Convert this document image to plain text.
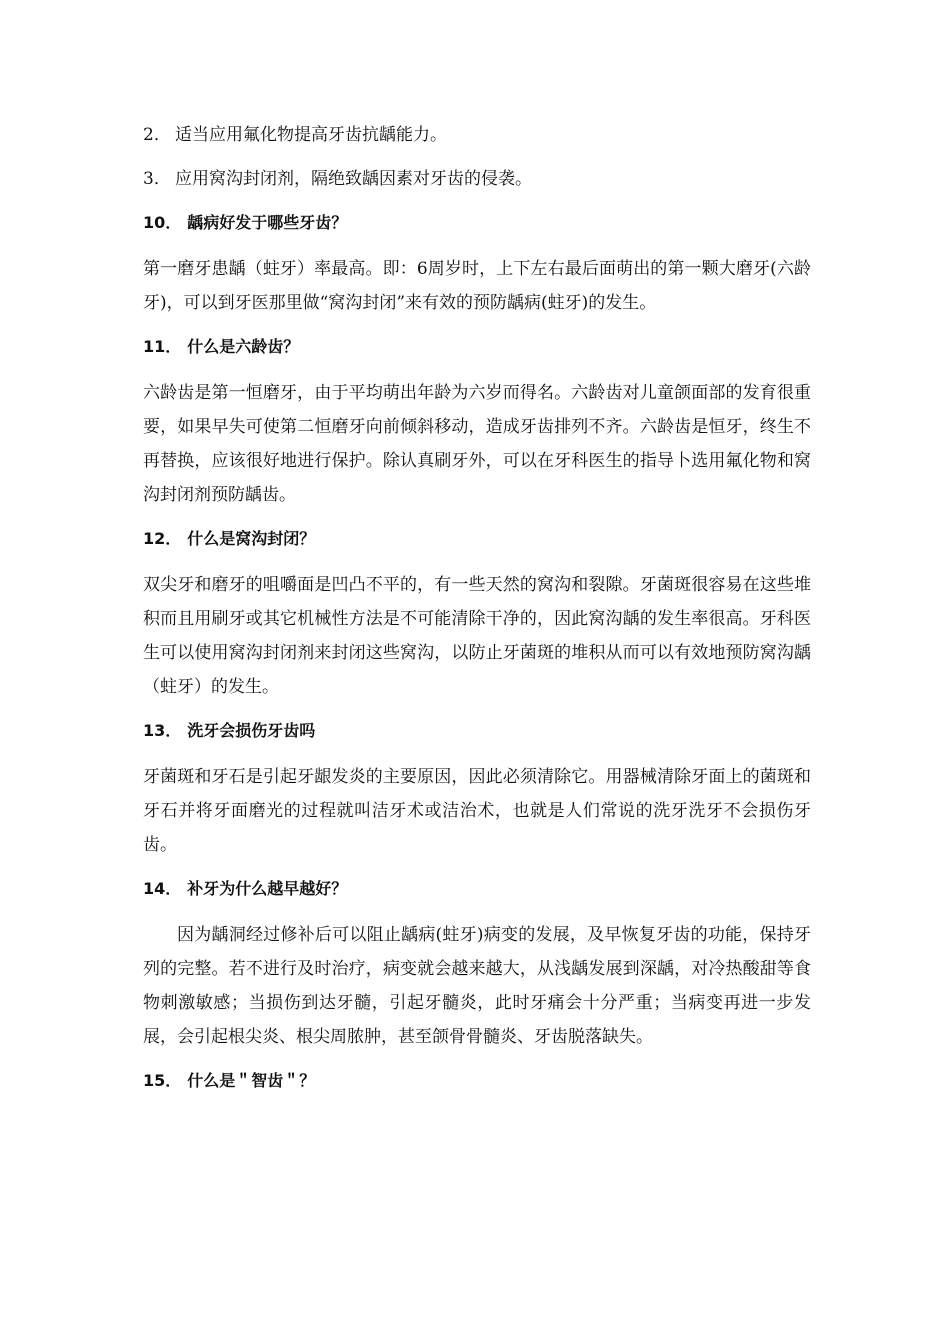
2． 适当应用氟化物提高牙齿抗龋能力。

3． 应用窝沟封闭剂，隔绝致龋因素对牙齿的侵袭。

10． 龋病好发于哪些牙齿？

第一磨牙患龋（蛀牙）率最高。即：6周岁时，上下左右最后面萌出的第一颗大磨牙(六龄牙)，可以到牙医那里做“窝沟封闭”来有效的预防龋病(蛀牙)的发生。

11． 什么是六龄齿？

六龄齿是第一恒磨牙，由于平均萌出年龄为六岁而得名。六龄齿对儿童颌面部的发育很重要，如果早失可使第二恒磨牙向前倾斜移动，造成牙齿排列不齐。六龄齿是恒牙，终生不再替换，应该很好地进行保护。除认真刷牙外，可以在牙科医生的指导卜选用氟化物和窝沟封闭剂预防龋齿。

12． 什么是窝沟封闭？

双尖牙和磨牙的咀嚼面是凹凸不平的，有一些天然的窝沟和裂隙。牙菌斑很容易在这些堆积而且用刷牙或其它机械性方法是不可能清除干净的，因此窝沟龋的发生率很高。牙科医生可以使用窝沟封闭剂来封闭这些窝沟，以防止牙菌斑的堆积从而可以有效地预防窝沟龋（蛀牙）的发生。

13． 洗牙会损伤牙齿吗

牙菌斑和牙石是引起牙龈发炎的主要原因，因此必须清除它。用器械清除牙面上的菌斑和牙石并将牙面磨光的过程就叫洁牙术或洁治术，也就是人们常说的洗牙洗牙不会损伤牙齿。

14． 补牙为什么越早越好？

因为龋洞经过修补后可以阻止龋病(蛀牙)病变的发展，及早恢复牙齿的功能，保持牙列的完整。若不进行及时治疗，病变就会越来越大，从浅龋发展到深龋，对冷热酸甜等食物刺激敏感；当损伤到达牙髓，引起牙髓炎，此时牙痛会十分严重；当病变再进一步发展，会引起根尖炎、根尖周脓肿，甚至颌骨骨髓炎、牙齿脱落缺失。

15． 什么是＂智齿＂？
